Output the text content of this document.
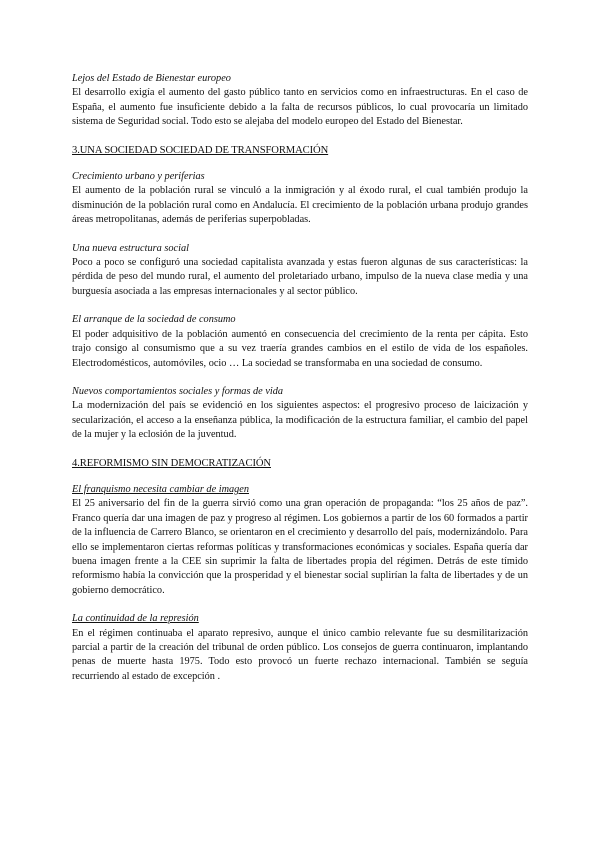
Lejos del Estado de Bienestar europeo

El desarrollo exigía el aumento del gasto público tanto en servicios como en infraestructuras. En el caso de España, el aumento fue insuficiente debido a la falta de recursos públicos, lo cual provocaría un limitado sistema de Seguridad social. Todo esto se alejaba del modelo europeo del Estado del Bienestar.

3.UNA SOCIEDAD SOCIEDAD DE TRANSFORMACIÓN

Crecimiento urbano y periferias

El aumento de la población rural se vinculó a la inmigración y al éxodo rural, el cual también produjo la disminución de la población rural como en Andalucía. El crecimiento de la población urbana produjo grandes áreas metropolitanas, además de periferias superpobladas.

Una nueva estructura social

Poco a poco se configuró una sociedad capitalista avanzada y estas fueron algunas de sus características: la pérdida de peso del mundo rural, el aumento del proletariado urbano, impulso de la nueva clase media y una burguesía asociada a las empresas internacionales y al sector público.

El arranque de la sociedad de consumo

El poder adquisitivo de la población aumentó en consecuencia del crecimiento de la renta per cápita. Esto trajo consigo al consumismo que a su vez traería grandes cambios en el estilo de vida de los españoles. Electrodomésticos, automóviles, ocio … La sociedad se transformaba en una sociedad de consumo.

Nuevos comportamientos sociales y formas de vida

La modernización del país se evidenció en los siguientes aspectos: el progresivo proceso de laicización y secularización, el acceso a la enseñanza pública, la modificación de la estructura familiar, el cambio del papel de la mujer y la eclosión de la juventud.

4.REFORMISMO SIN DEMOCRATIZACIÓN

El franquismo necesita cambiar de imagen

El 25 aniversario del fin de la guerra sirvió como una gran operación de propaganda: “los 25 años de paz”. Franco quería dar una imagen de paz y progreso al régimen. Los gobiernos a partir de los 60 formados a partir de la influencia de Carrero Blanco, se orientaron en el crecimiento y desarrollo del país, modernizándolo. Para ello se implementaron ciertas reformas políticas y transformaciones económicas y sociales. España quería dar buena imagen frente a la CEE sin suprimir la falta de libertades propia del régimen. Detrás de este tímido reformismo había la convicción que la prosperidad y el bienestar social suplirían la falta de libertades y de un gobierno democrático.

La continuidad de la represión

En el régimen continuaba el aparato represivo, aunque el único cambio relevante fue su desmilitarización parcial a partir de la creación del tribunal de orden público. Los consejos de guerra continuaron, implantando penas de muerte hasta 1975. Todo esto provocó un fuerte rechazo internacional. También se seguía recurriendo al estado de excepción .
